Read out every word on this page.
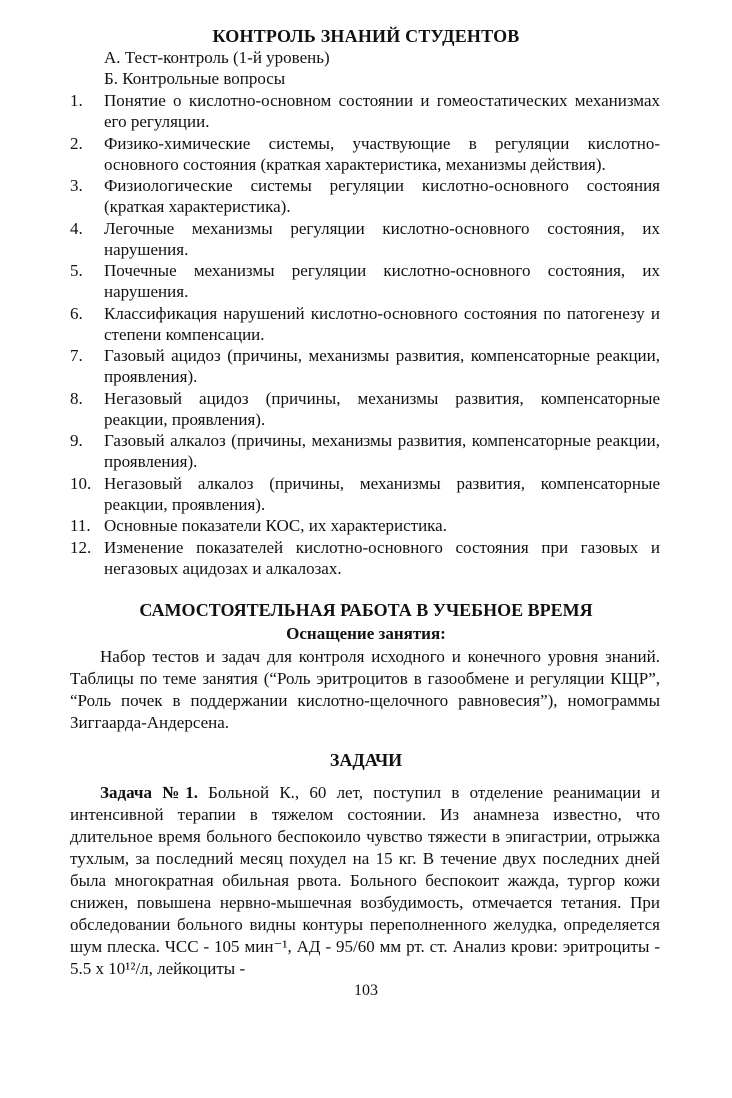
КОНТРОЛЬ ЗНАНИЙ СТУДЕНТОВ
А. Тест-контроль (1-й уровень)
Б. Контрольные вопросы
1.	Понятие о кислотно-основном состоянии и гомеостатических механизмах его регуляции.
2.	Физико-химические системы, участвующие в регуляции кислотно-основного состояния (краткая характеристика, механизмы действия).
3.	Физиологические системы регуляции кислотно-основного состояния (краткая характеристика).
4.	Легочные механизмы регуляции кислотно-основного состояния, их нарушения.
5.	Почечные механизмы регуляции кислотно-основного состояния, их нарушения.
6.	Классификация нарушений кислотно-основного состояния по патогенезу и степени компенсации.
7.	Газовый ацидоз (причины, механизмы развития, компенсаторные реакции, проявления).
8.	Негазовый ацидоз (причины, механизмы развития, компенсаторные реакции, проявления).
9.	Газовый алкалоз (причины, механизмы развития, компенсаторные реакции, проявления).
10. Негазовый алкалоз (причины, механизмы развития, компенсаторные реакции, проявления).
11. Основные показатели КОС, их характеристика.
12. Изменение показателей кислотно-основного состояния при газовых и негазовых ацидозах и алкалозах.
САМОСТОЯТЕЛЬНАЯ РАБОТА В УЧЕБНОЕ ВРЕМЯ
Оснащение занятия:

Набор тестов и задач для контроля исходного и конечного уровня знаний. Таблицы по теме занятия (“Роль эритроцитов в газообмене и регуляции КЩР”, “Роль почек в поддержании кислотно-щелочного равновесия”), номограммы Зиггаарда-Андерсена.

ЗАДАЧИ

Задача №1. Больной К., 60 лет, поступил в отделение реанимации и интенсивной терапии в тяжелом состоянии. Из анамнеза известно, что длительное время больного беспокоило чувство тяжести в эпигастрии, отрыжка тухлым, за последний месяц похудел на 15 кг. В течение двух последних дней была многократная обильная рвота. Больного беспокоит жажда, тургор кожи снижен, повышена нервно-мышечная возбудимость, отмечается тетания. При обследовании больного видны контуры переполненного желудка, определяется шум плеска. ЧСС - 105 мин⁻¹, АД - 95/60 мм рт. ст. Анализ крови: эритроциты - 5.5 x 10¹²/л, лейкоциты -

103
